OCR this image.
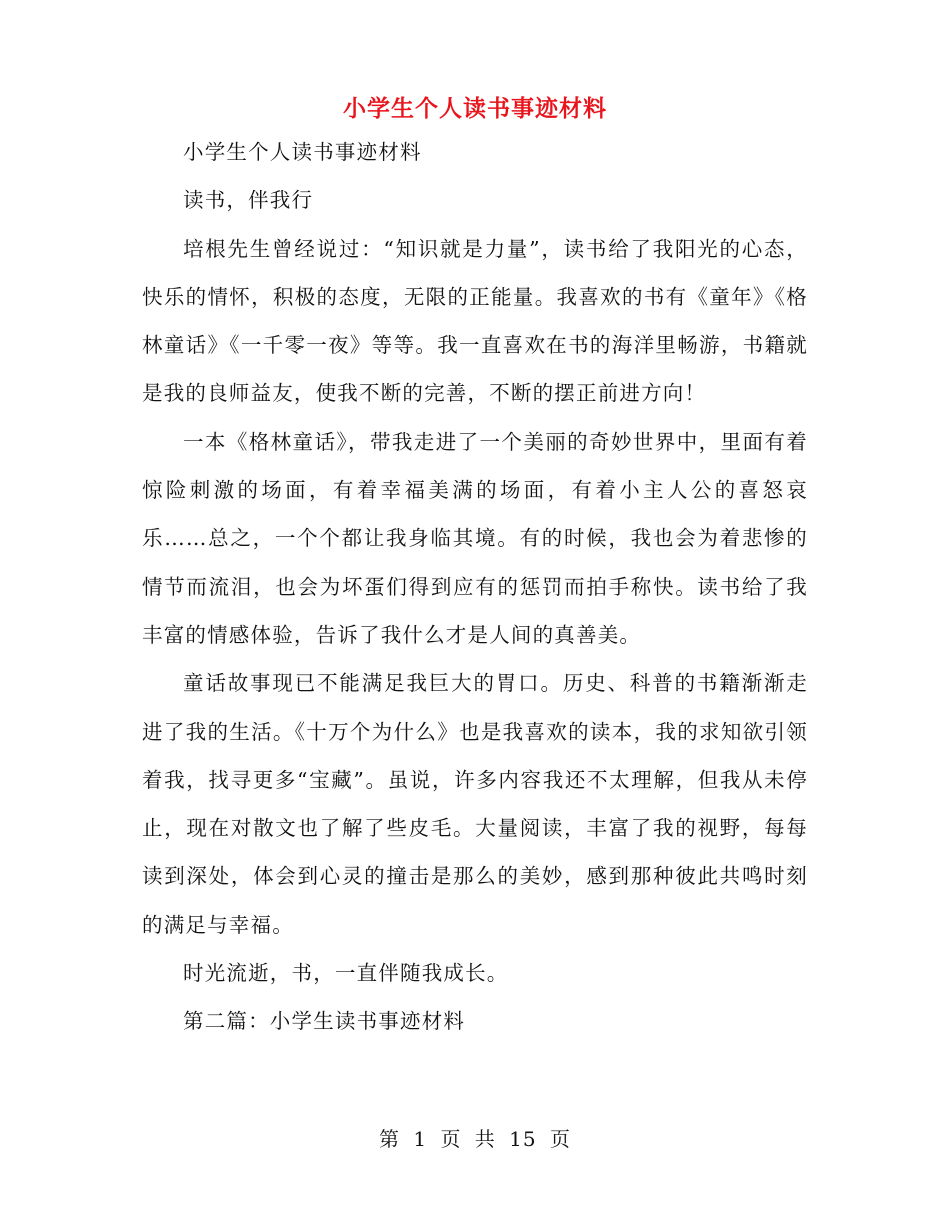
小学生个人读书事迹材料

小学生个人读书事迹材料

读书，伴我行

培根先生曾经说过：“知识就是力量”，读书给了我阳光的心态，快乐的情怀，积极的态度，无限的正能量。我喜欢的书有《童年》《格林童话》《一千零一夜》等等。我一直喜欢在书的海洋里畅游，书籍就是我的良师益友，使我不断的完善，不断的摆正前进方向！

一本《格林童话》，带我走进了一个美丽的奇妙世界中，里面有着惊险刺激的场面，有着幸福美满的场面，有着小主人公的喜怒哀乐……总之，一个个都让我身临其境。有的时候，我也会为着悲惨的情节而流泪，也会为坏蛋们得到应有的惩罚而拍手称快。读书给了我丰富的情感体验，告诉了我什么才是人间的真善美。

童话故事现已不能满足我巨大的胃口。历史、科普的书籍渐渐走进了我的生活。《十万个为什么》也是我喜欢的读本，我的求知欲引领着我，找寻更多“宝藏”。虽说，许多内容我还不太理解，但我从未停止，现在对散文也了解了些皮毛。大量阅读，丰富了我的视野，每每读到深处，体会到心灵的撞击是那么的美妙，感到那种彼此共鸣时刻的满足与幸福。

时光流逝，书，一直伴随我成长。

第二篇：小学生读书事迹材料

第 1 页 共 15 页
